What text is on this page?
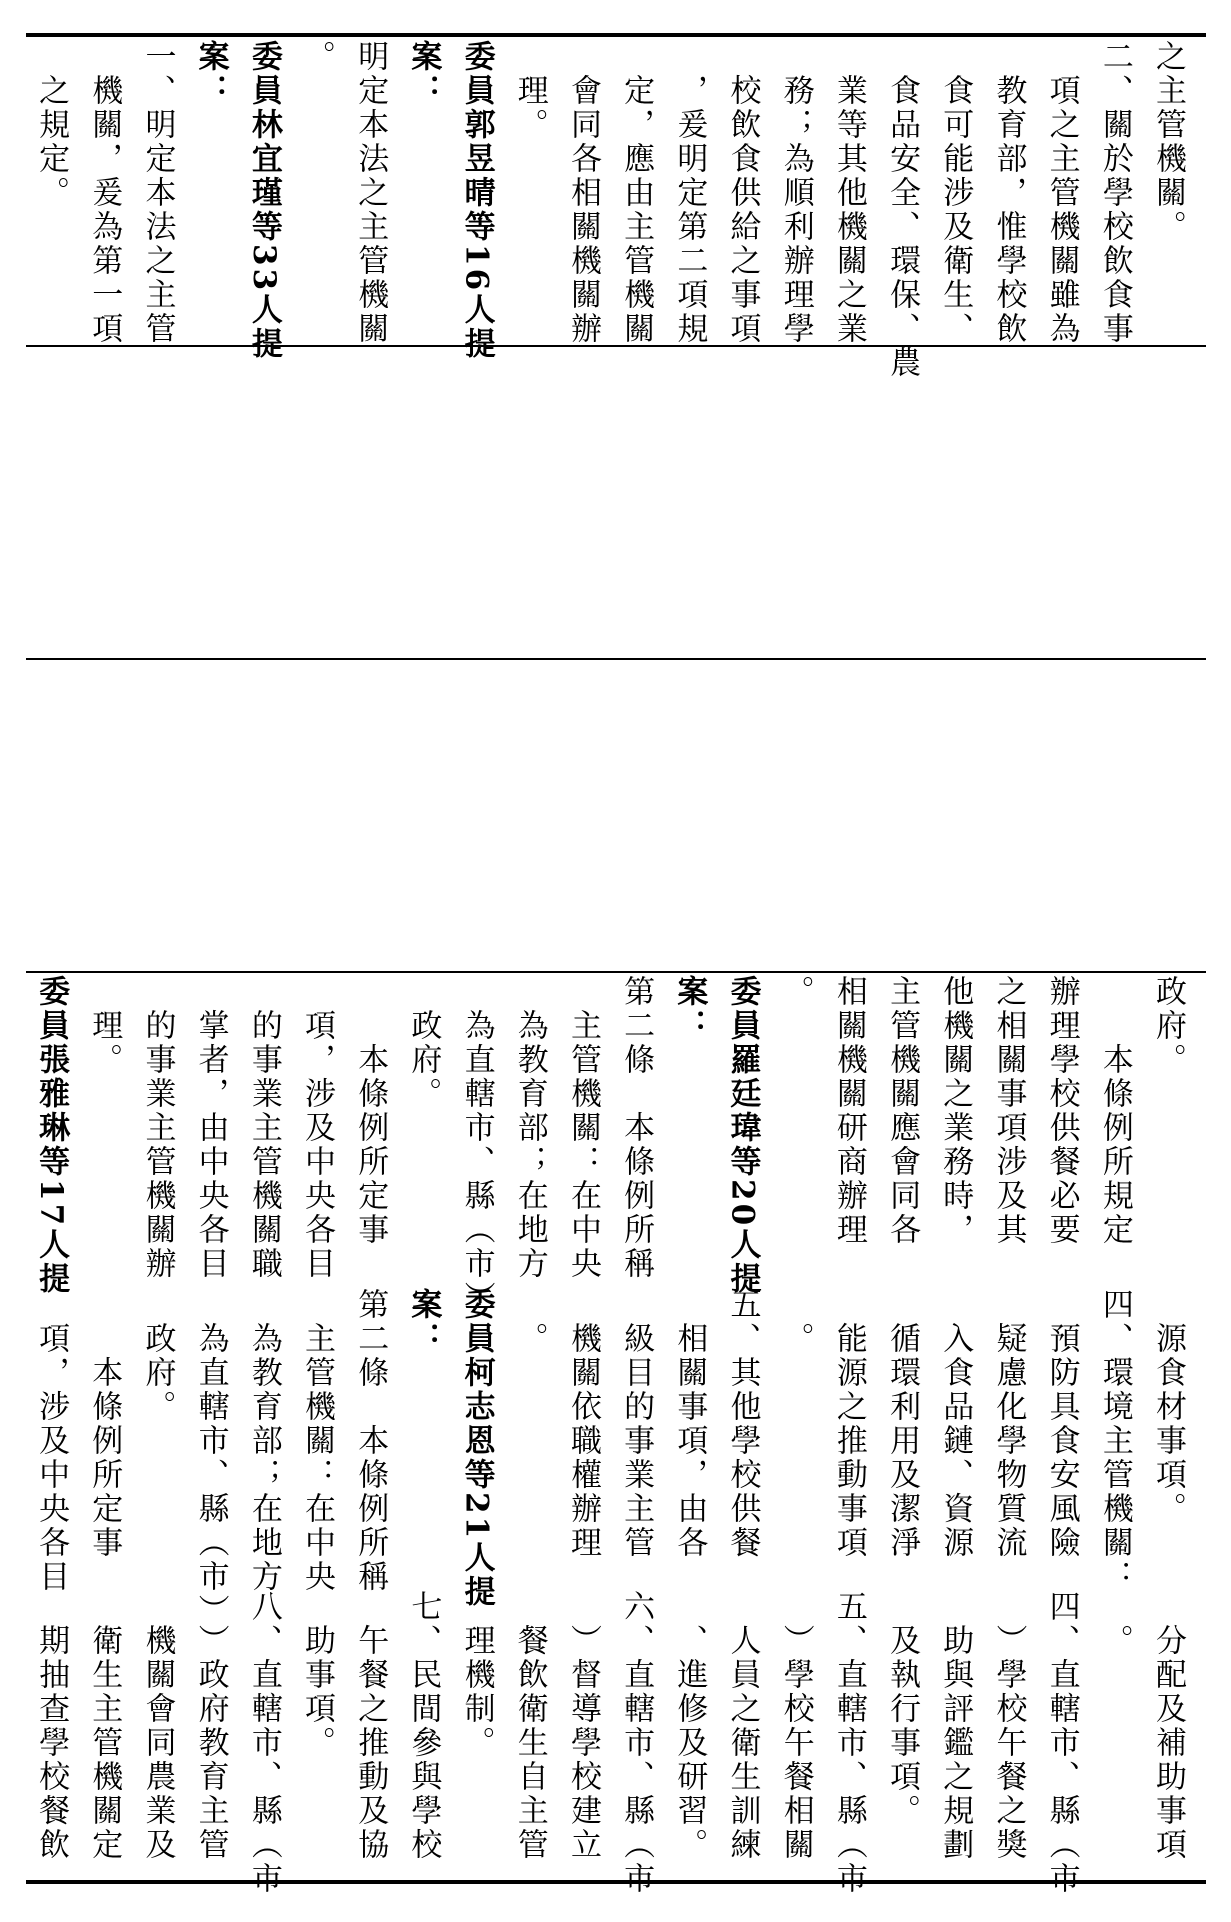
之主管機關。
二、關於學校飲食事
　項之主管機關雖為
　教育部，惟學校飲
　食可能涉及衛生、
　食品安全、環保、農
　業等其他機關之業
　務；為順利辦理學
　校飲食供給之事項
　，爰明定第二項規
　定，應由主管機關
　會同各相關機關辦
　理。
委員郭昱晴等16人提
案：
明定本法之主管機關
。
委員林宜瑾等33人提
案：
一、明定本法之主管
　機關，爰為第一項
　之規定。
政府。
　　本條例所規定
辦理學校供餐必要
之相關事項涉及其
他機關之業務時，
主管機關應會同各
相關機關研商辦理
。
委員羅廷瑋等20人提
案：
第二條　本條例所稱
　主管機關：在中央
　為教育部；在地方
　為直轄市、縣（市）
　政府。
　　本條例所定事
　項，涉及中央各目
　的事業主管機關職
　掌者，由中央各目
　的事業主管機關辦
　理。
委員張雅琳等17人提
　源食材事項。
四、環境主管機關：
　預防具食安風險
　疑慮化學物質流
　入食品鏈、資源
　循環利用及潔淨
　能源之推動事項
　。
五、其他學校供餐
　相關事項，由各
　級目的事業主管
　機關依職權辦理
　。
委員柯志恩等21人提
案：
第二條　本條例所稱
　主管機關：在中央
　為教育部；在地方
　為直轄市、縣（市）
　政府。
　　本條例所定事
　項，涉及中央各目
　分配及補助事項
　。
四、直轄市、縣（市
　）學校午餐之獎
　助與評鑑之規劃
　及執行事項。
五、直轄市、縣（市
　）學校午餐相關
　人員之衛生訓練
　、進修及研習。
六、直轄市、縣（市
　）督導學校建立
　餐飲衛生自主管
　理機制。
七、民間參與學校
　午餐之推動及協
　助事項。
八、直轄市、縣（市
　）政府教育主管
　機關會同農業及
　衛生主管機關定
　期抽查學校餐飲
